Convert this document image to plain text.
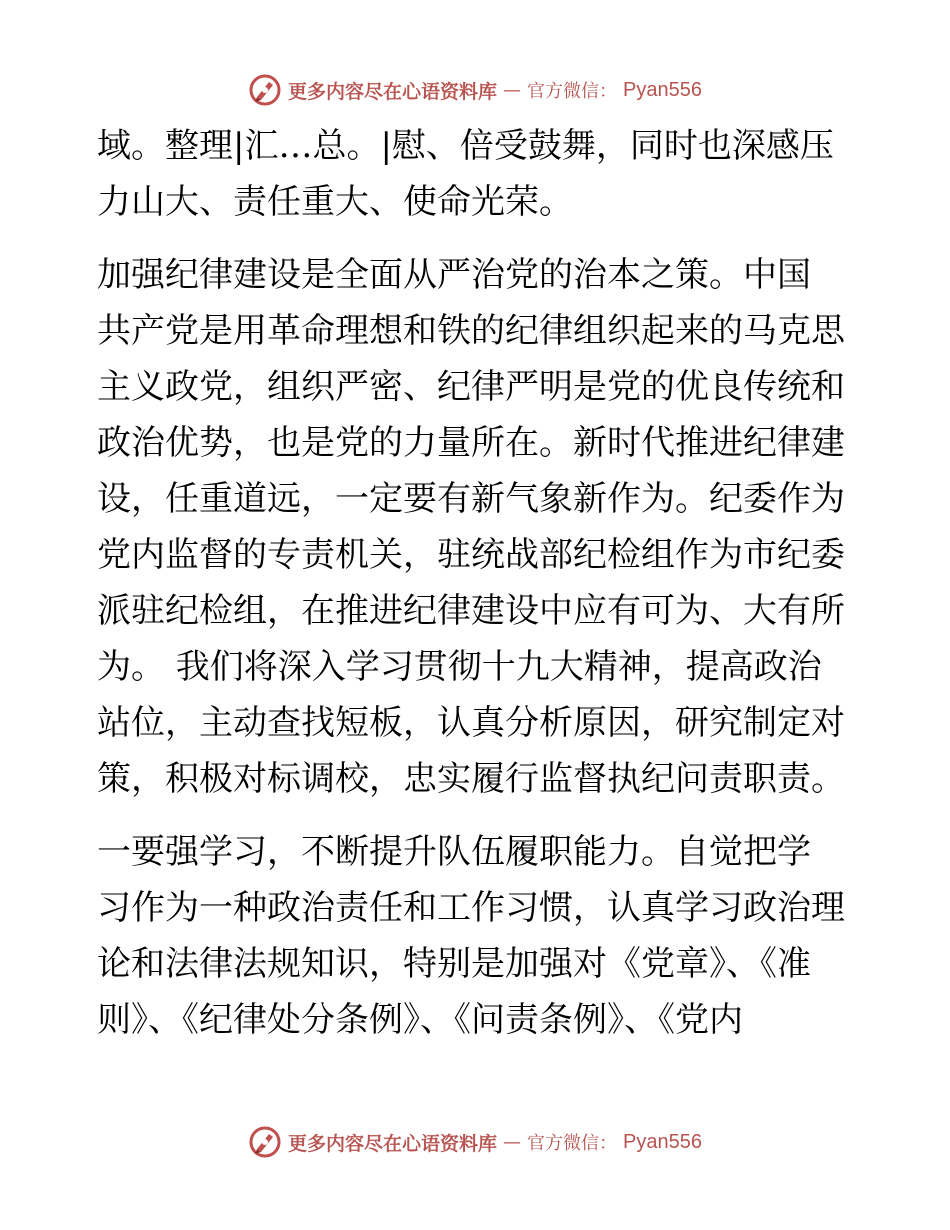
更多内容尽在心语资料库 — 官方微信： Pyan556
域。整理|汇…总。|慰、倍受鼓舞，同时也深感压
力山大、责任重大、使命光荣。
加强纪律建设是全面从严治党的治本之策。中国
共产党是用革命理想和铁的纪律组织起来的马克思
主义政党，组织严密、纪律严明是党的优良传统和
政治优势，也是党的力量所在。新时代推进纪律建
设，任重道远，一定要有新气象新作为。纪委作为
党内监督的专责机关，驻统战部纪检组作为市纪委
派驻纪检组，在推进纪律建设中应有可为、大有所
为。 我们将深入学习贯彻十九大精神，提高政治
站位，主动查找短板，认真分析原因，研究制定对
策，积极对标调校，忠实履行监督执纪问责职责。
一要强学习，不断提升队伍履职能力。自觉把学
习作为一种政治责任和工作习惯，认真学习政治理
论和法律法规知识，特别是加强对《党章》、《准
则》、《纪律处分条例》、《问责条例》、《党内
更多内容尽在心语资料库 — 官方微信： Pyan556
